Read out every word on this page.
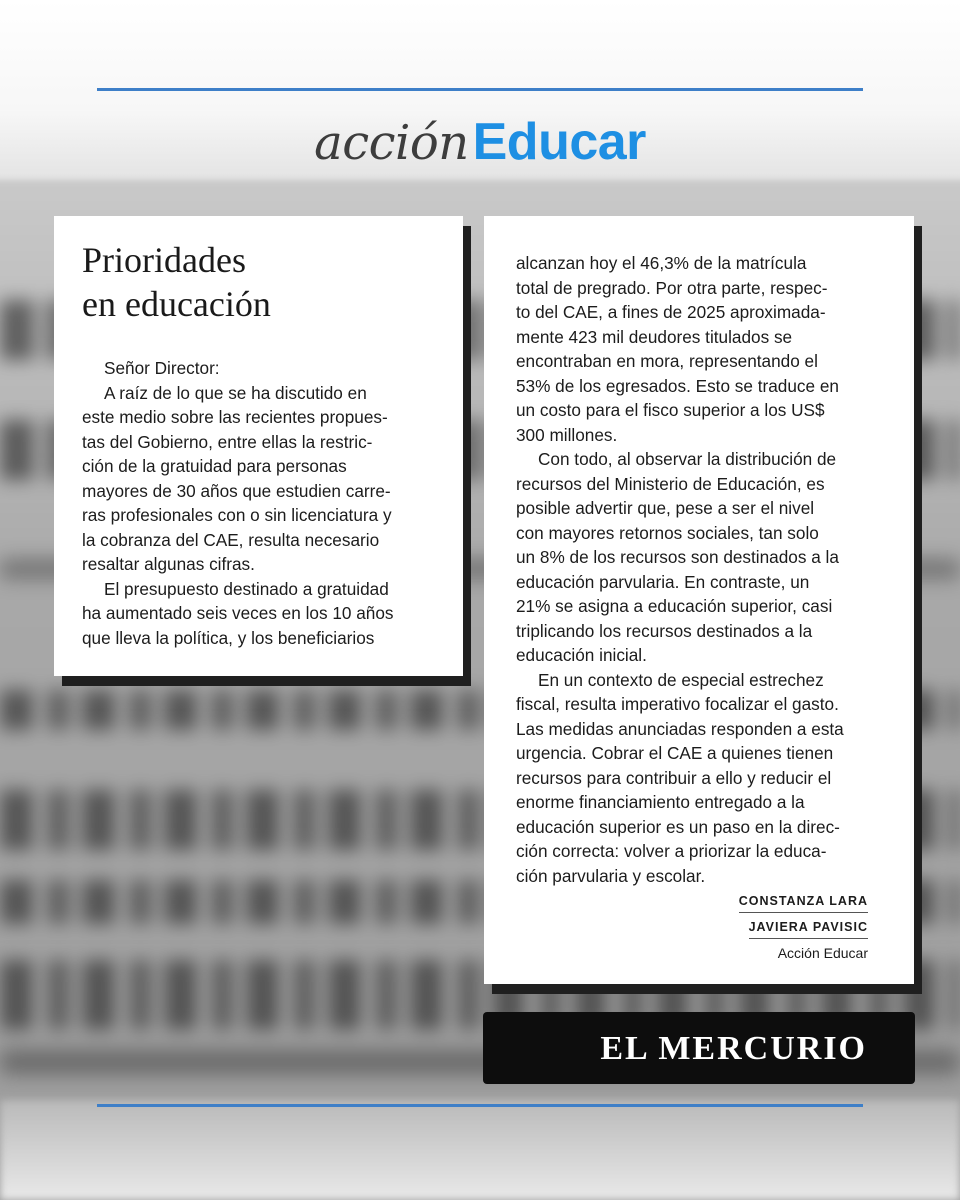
acciónEducar
Prioridades
en educación
Señor Director:
A raíz de lo que se ha discutido en
este medio sobre las recientes propues-
tas del Gobierno, entre ellas la restric-
ción de la gratuidad para personas
mayores de 30 años que estudien carre-
ras profesionales con o sin licenciatura y
la cobranza del CAE, resulta necesario
resaltar algunas cifras.
El presupuesto destinado a gratuidad
ha aumentado seis veces en los 10 años
que lleva la política, y los beneficiarios
alcanzan hoy el 46,3% de la matrícula
total de pregrado. Por otra parte, respec-
to del CAE, a fines de 2025 aproximada-
mente 423 mil deudores titulados se
encontraban en mora, representando el
53% de los egresados. Esto se traduce en
un costo para el fisco superior a los US$
300 millones.
Con todo, al observar la distribución de
recursos del Ministerio de Educación, es
posible advertir que, pese a ser el nivel
con mayores retornos sociales, tan solo
un 8% de los recursos son destinados a la
educación parvularia. En contraste, un
21% se asigna a educación superior, casi
triplicando los recursos destinados a la
educación inicial.
En un contexto de especial estrechez
fiscal, resulta imperativo focalizar el gasto.
Las medidas anunciadas responden a esta
urgencia. Cobrar el CAE a quienes tienen
recursos para contribuir a ello y reducir el
enorme financiamiento entregado a la
educación superior es un paso en la direc-
ción correcta: volver a priorizar la educa-
ción parvularia y escolar.
CONSTANZA LARA
JAVIERA PAVISIC
Acción Educar
EL MERCURIO
